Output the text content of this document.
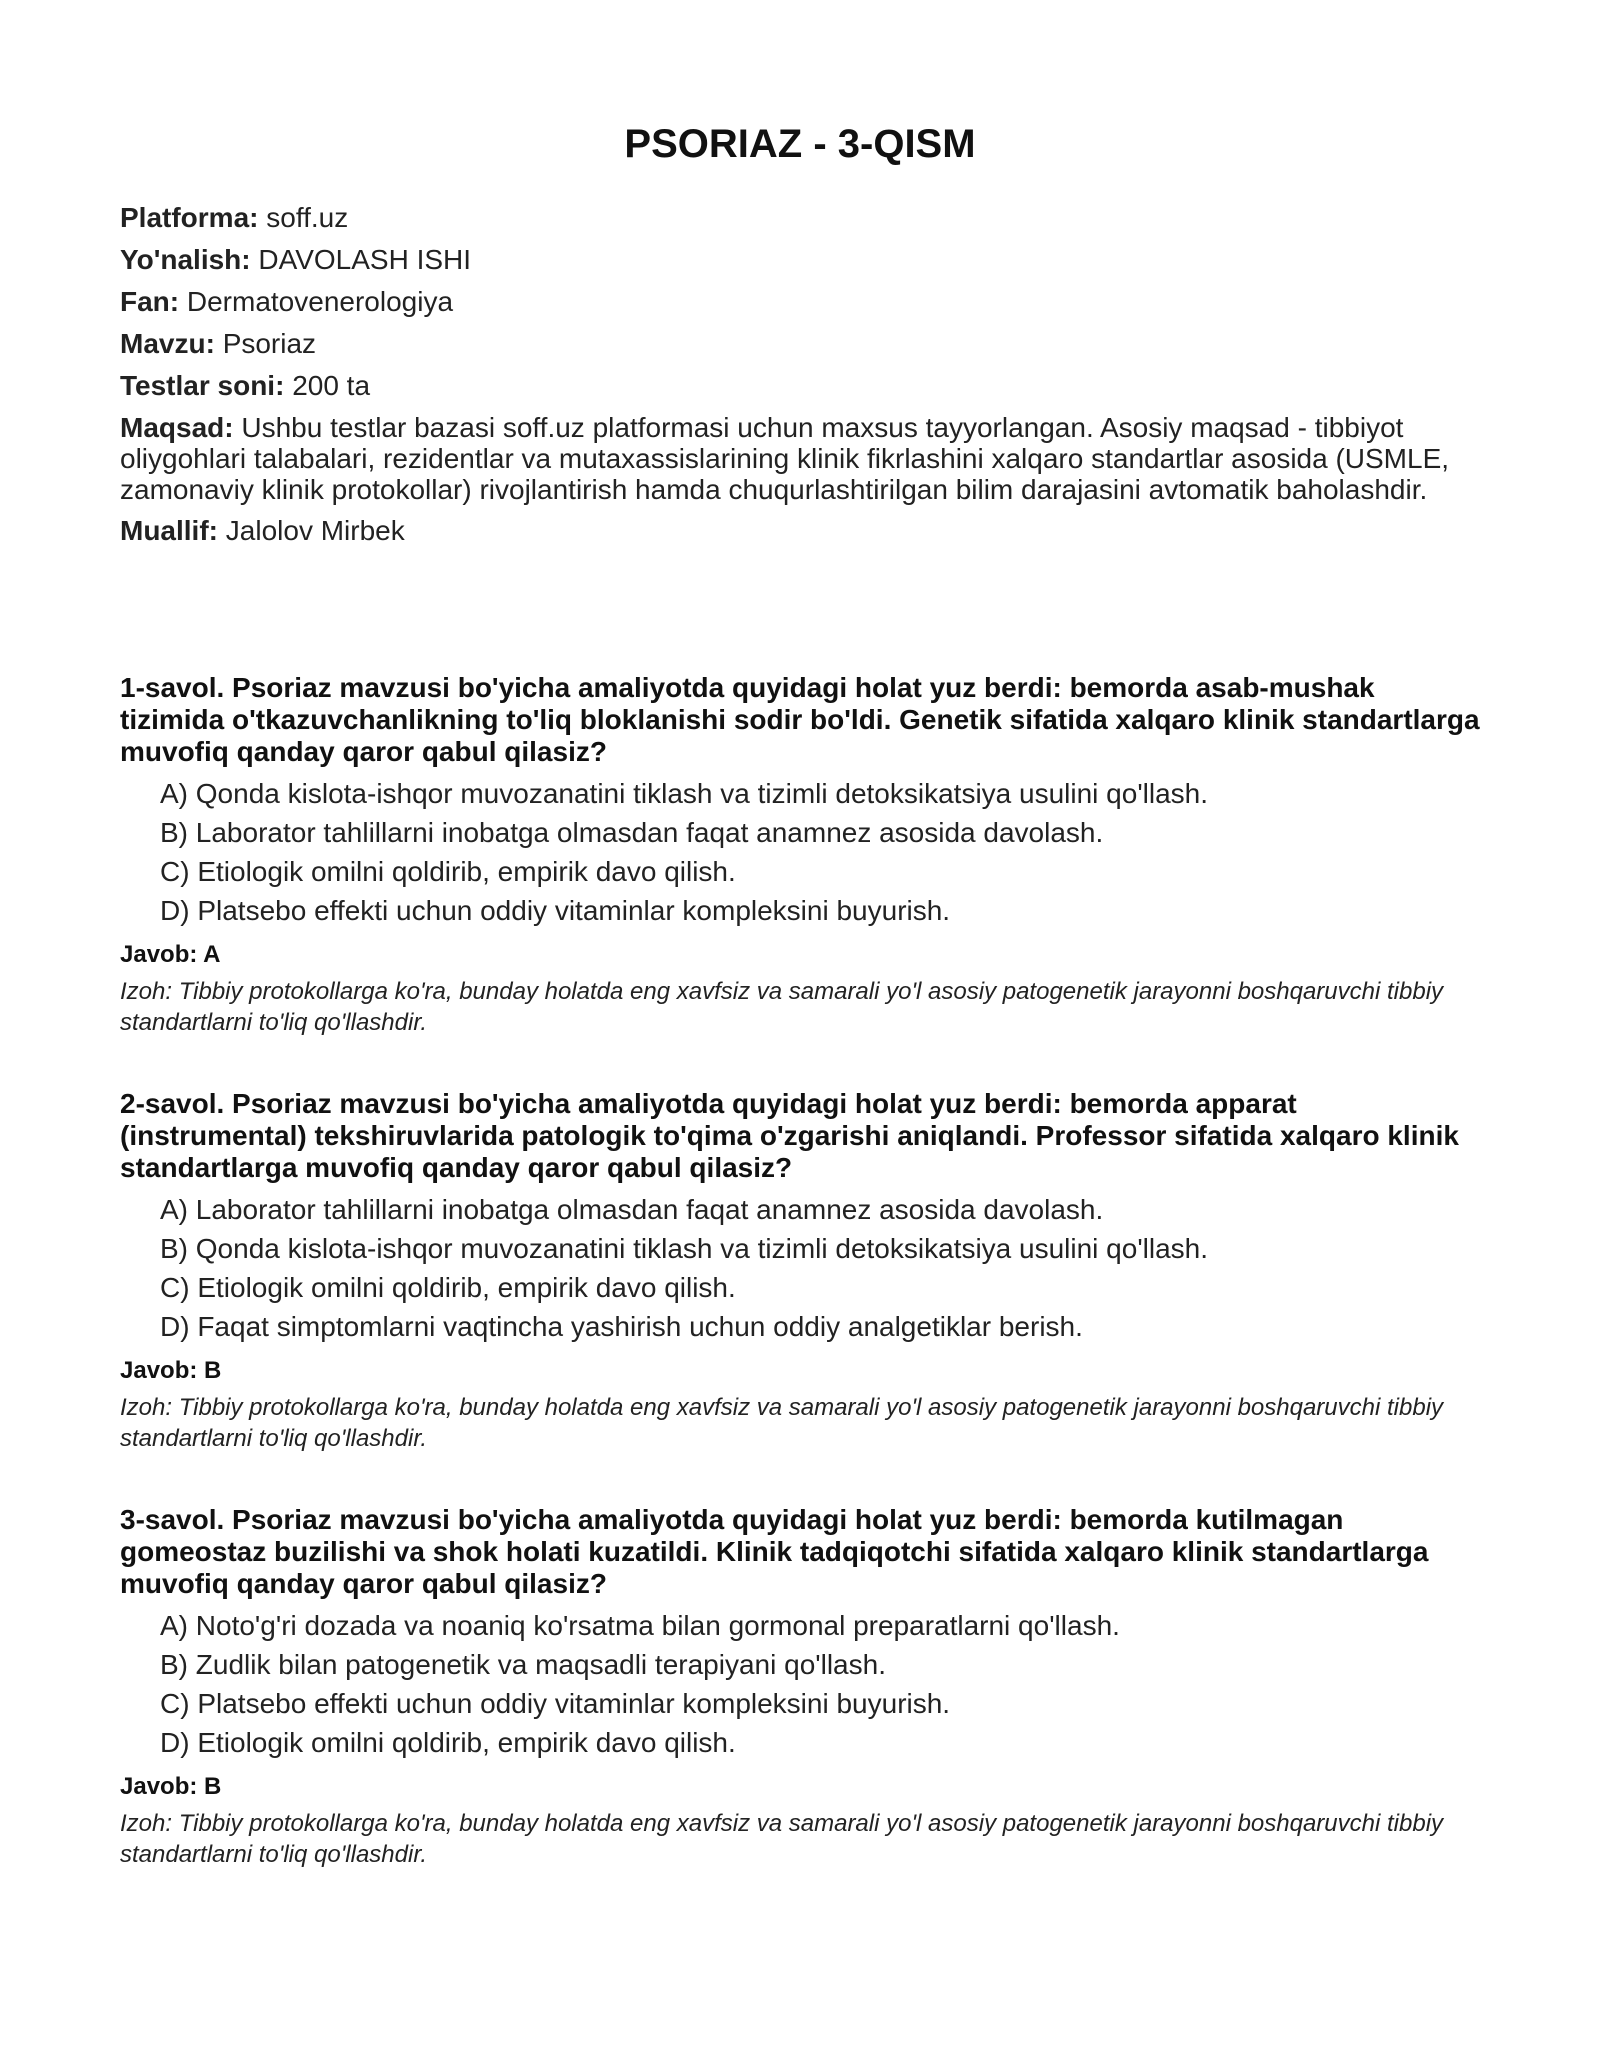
PSORIAZ - 3-QISM
Platforma: soff.uz
Yo'nalish: DAVOLASH ISHI
Fan: Dermatovenerologiya
Mavzu: Psoriaz
Testlar soni: 200 ta
Maqsad: Ushbu testlar bazasi soff.uz platformasi uchun maxsus tayyorlangan. Asosiy maqsad - tibbiyot oliygohlari talabalari, rezidentlar va mutaxassislarining klinik fikrlashini xalqaro standartlar asosida (USMLE, zamonaviy klinik protokollar) rivojlantirish hamda chuqurlashtirilgan bilim darajasini avtomatik baholashdir.
Muallif: Jalolov Mirbek
1-savol. Psoriaz mavzusi bo'yicha amaliyotda quyidagi holat yuz berdi: bemorda asab-mushak tizimida o'tkazuvchanlikning to'liq bloklanishi sodir bo'ldi. Genetik sifatida xalqaro klinik standartlarga muvofiq qanday qaror qabul qilasiz?
A) Qonda kislota-ishqor muvozanatini tiklash va tizimli detoksikatsiya usulini qo'llash.
B) Laborator tahlillarni inobatga olmasdan faqat anamnez asosida davolash.
C) Etiologik omilni qoldirib, empirik davo qilish.
D) Platsebo effekti uchun oddiy vitaminlar kompleksini buyurish.
Javob: A
Izoh: Tibbiy protokollarga ko'ra, bunday holatda eng xavfsiz va samarali yo'l asosiy patogenetik jarayonni boshqaruvchi tibbiy standartlarni to'liq qo'llashdir.
2-savol. Psoriaz mavzusi bo'yicha amaliyotda quyidagi holat yuz berdi: bemorda apparat (instrumental) tekshiruvlarida patologik to'qima o'zgarishi aniqlandi. Professor sifatida xalqaro klinik standartlarga muvofiq qanday qaror qabul qilasiz?
A) Laborator tahlillarni inobatga olmasdan faqat anamnez asosida davolash.
B) Qonda kislota-ishqor muvozanatini tiklash va tizimli detoksikatsiya usulini qo'llash.
C) Etiologik omilni qoldirib, empirik davo qilish.
D) Faqat simptomlarni vaqtincha yashirish uchun oddiy analgetiklar berish.
Javob: B
Izoh: Tibbiy protokollarga ko'ra, bunday holatda eng xavfsiz va samarali yo'l asosiy patogenetik jarayonni boshqaruvchi tibbiy standartlarni to'liq qo'llashdir.
3-savol. Psoriaz mavzusi bo'yicha amaliyotda quyidagi holat yuz berdi: bemorda kutilmagan gomeostaz buzilishi va shok holati kuzatildi. Klinik tadqiqotchi sifatida xalqaro klinik standartlarga muvofiq qanday qaror qabul qilasiz?
A) Noto'g'ri dozada va noaniq ko'rsatma bilan gormonal preparatlarni qo'llash.
B) Zudlik bilan patogenetik va maqsadli terapiyani qo'llash.
C) Platsebo effekti uchun oddiy vitaminlar kompleksini buyurish.
D) Etiologik omilni qoldirib, empirik davo qilish.
Javob: B
Izoh: Tibbiy protokollarga ko'ra, bunday holatda eng xavfsiz va samarali yo'l asosiy patogenetik jarayonni boshqaruvchi tibbiy standartlarni to'liq qo'llashdir.
